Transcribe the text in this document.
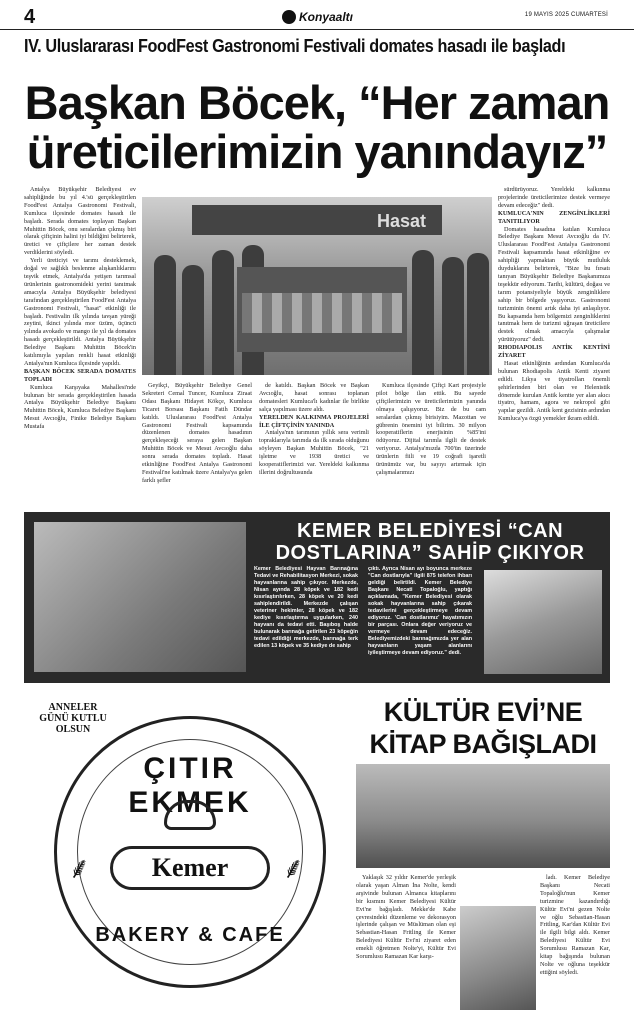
4	Konyaaltı	19 MAYIS 2025 CUMARTESİ
IV. Uluslararası FoodFest Gastronomi Festivali domates hasadı ile başladı
Başkan Böcek, “Her zaman üreticilerimizin yanındayız”

Antalya Büyükşehir Belediyesi ev sahipliğinde bu yıl 4.'sü gerçekleştirilen FoodFest Antalya Gastronomi Festivali, Kumluca ilçesinde domates hasadı ile başladı. Serada domates toplayan Başkan Muhittin Böcek, onu seralardan çıkmış biri olarak çiftçinin halini iyi bildiğini belirterek, üretici ve çiftçilere her zaman destek verdiklerini söyledi.

Yerli üreticiyi ve tarımı desteklemek, doğal ve sağlıklı beslenme alışkanlıklarını teşvik etmek, Antalya'da yetişen tarımsal ürünlerinin gastronomideki yerini tanıtmak amacıyla Antalya Büyükşehir belediyesi tarafından gerçekleştirilen FoodFest Antalya Gastronomi Festivali, "hasat" etkinliği ile başladı. Festivalin ilk yılında tavşan yüreği zeytini, ikinci yılında mor üzüm, üçüncü yılında avokado ve mango ile yıl da domates hasadı gerçekleştirildi. Antalya Büyükşehir Belediye Başkanı Muhittin Böcek'in katılımıyla yapılan renkli hasat etkinliği Antalya'nın Kumluca ilçesinde yapıldı.

BAŞKAN BÖCEK SERADA DOMATES TOPLADI

Kumluca Karşıyaka Mahallesi'nde bulunan bir serada gerçekleştirilen hasada Antalya Büyükşehir Belediye Başkanı Muhittin Böcek, Kumluca Belediye Başkanı Mesut Avcıoğlu, Finike Belediye Başkanı Mustafa

Hasat

Geyikçi, Büyükşehir Belediye Genel Sekreteri Cemal Tuncer, Kumluca Ziraat Odası Başkanı Hidayet Kökçe, Kumluca Ticaret Borsası Başkanı Fatih Dündar katıldı. Uluslararası FoodFest Antalya Gastronomi Festivali kapsamında düzenlenen domates hasadının gerçekleşeceği seraya gelen Başkan Muhittin Böcek ve Mesut Avcıoğlu daha sonra serada domates topladı. Hasat etkinliğine FoodFest Antalya Gastronomi Festivali'ne katılmak üzere Antalya'ya gelen farklı şefler

de katıldı. Başkan Böcek ve Başkan Avcıoğlu, hasat sonrası toplanan domatesleri Kumluca'lı kadınlar ile birlikte salça yapılması üzere aldı.

YERELDEN KALKINMA PROJELERİ İLE ÇİFTÇİNİN YANINDA

Antalya'nın tarımının yıllık sera verimli topraklarıyla tarımda da ilk sırada olduğunu söyleyen Başkan Muhittin Böcek, "21 işletme ve 1938 üretici ve kooperatiflerimizi var. Yereldeki kalkınma illerini doğrultusunda

Kumluca ilçesinde Çiftçi Kart projesiyle pilot bölge ilan ettik. Bu sayede çiftçilerimizin ve üreticilerimizin yanında olmaya çalışıyoruz. Biz de bu cam seralardan çıkmış birisiyim. Mazottan ve gübrenin önemini iyi bilirim. 30 milyon kooperatiflerin enerjisinin %85'ini ödüyoruz. Dijital tarımla ilgili de destek veriyoruz. Antalya'mızda 700'ün üzerinde ürünlerin fiili ve 19 coğrafi işaretli ürünümüz var, bu sayıyı artırmak için çalışmalarımızı

sürdürüyoruz. Yereldeki kalkınma projelerinde üreticilerimize destek vermeye devam edeceğiz" dedi.

KUMLUCA'NIN ZENGİNLİKLERİ TANITILIYOR

Domates hasadına katılan Kumluca Belediye Başkanı Mesut Avcıoğlu da IV. Uluslararası FoodFest Antalya Gastronomi Festivali kapsamında hasat etkinliğine ev sahipliği yapmaktan büyük mutluluk duyduklarını belirterek, "Bize bu fırsatı tanıyan Büyükşehir Belediye Başkanımıza teşekkür ediyorum. Tarihi, kültürü, doğası ve tarım potansiyeliyle büyük zenginliklere sahip bir bölgede yaşıyoruz. Gastronomi turizminin önemi artık daha iyi anlaşılıyor. Bu kapsamda hem bölgemizi zenginliklerini tanıtmak hem de turizmi uğraşan üreticilere destek olmak amacıyla çalışmalar yürütüyoruz" dedi.

RHODIAPOLIS ANTİK KENTİNİ ZİYARET

Hasat etkinliğinin ardından Kumluca'da bulunan Rhodiapolis Antik Kenti ziyaret edildi. Likya ve tiyatrolları önemli şehirlerinden biri olan ve Helenistik dönemde kurulan Antik kentte yer alan akıcı tiyatro, hamam, agora ve nekropol gibi yapılar gezildi. Antik kent gezisinin ardından Kumluca'ya özgü yemekler ikram edildi.

KEMER BELEDİYESİ “CAN DOSTLARINA” SAHİP ÇIKIYOR
Kemer Belediyesi Hayvan Barınağına Tedavi ve Rehabilitasyon Merkezi, sokak hayvanlarına sahip çıkıyor. Merkezde, Nisan ayında 28 köpek ve 182 kedi kısırlaştırılırken, 28 köpek ve 20 kedi sahiplendirildi. Merkezde çalışan veteriner hekimler, 28 köpek ve 182 kediye kısırlaştırma uygularken, 240 hayvanı da tedavi etti. Başıboş halde bulunarak barınağa getirilen 23 köpeğin tedavi edildiği merkezde, barınağa terk edilen 13 köpek ve 35 kediye de sahip
çıktı. Ayrıca Nisan ayı boyunca merkeze "Can dostlarıyla" ilgili 875 telefon ihbarı geldiği belirtildi. Kemer Belediye Başkanı Necati Topaloğlu, yaptığı açıklamada, "Kemer Belediyesi olarak sokak hayvanlarına sahip çıkarak tedavilerini gerçekleştirmeye devam ediyoruz. 'Can dostlarımız' hayatımızın bir parçası. Onlara değer veriyoruz ve vermeye devam edeceğiz. Belediyemizdeki barınağımızda yer alan hayvanların yaşam alanlarını iyileştirmeye devam ediyoruz." dedi.
ANNELER GÜNÜ KUTLU OLSUN
ÇITIR EKMEK
⸙	Kemer	⸙
BAKERY & CAFE
KÜLTÜR EVİ’NE KİTAP BAĞIŞLADI

Yaklaşık 32 yıldır Kemer'de yerleşik olarak yaşan Alman İna Nolte, kendi arşivinde bulunan Almanca kitaplarını bir kısmını Kemer Belediyesi Kültür Evi'ne bağışladı. Mekke'de Kabe çevresindeki düzenleme ve dekorasyon işlerinde çalışan ve Müslüman olan eşi Sebastian-Hasan Fritling ile Kemer Belediyesi Kültür Evi'ni ziyaret eden emekli öğretmen Nolte'yi, Kültür Evi Sorumlusu Ramazan Kar karşı-

ladı. Kemer Belediye Başkanı Necati Topaloğlu'nun Kemer turizmine kazandırdığı Kültür Evi'ni gezen Nolte ve oğlu Sebastian-Hasan Fritling, Kar'dan Kültür Evi ile ilgili bilgi aldı. Kemer Belediyesi Kültür Evi Sorumlusu Ramazan Kar, kitap bağışında bulunan Nolte ve oğluna teşekkür ettiğini söyledi.
